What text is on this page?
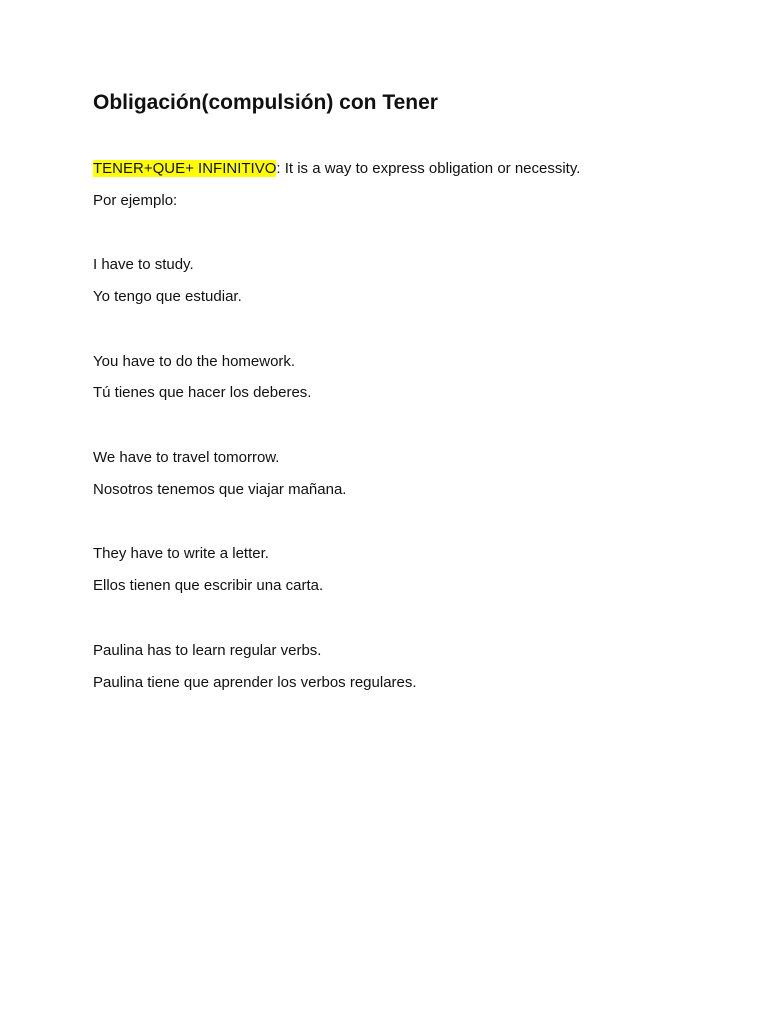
Obligación(compulsión) con Tener

TENER+QUE+ INFINITIVO: It is a way to express obligation or necessity.

Por ejemplo:

I have to study.

Yo tengo que estudiar.

You have to do the homework.

Tú tienes que hacer los deberes.

We have to travel tomorrow.

Nosotros tenemos que viajar mañana.

They have to write a letter.

Ellos tienen que escribir una carta.

Paulina has to learn regular verbs.

Paulina tiene que aprender los verbos regulares.
